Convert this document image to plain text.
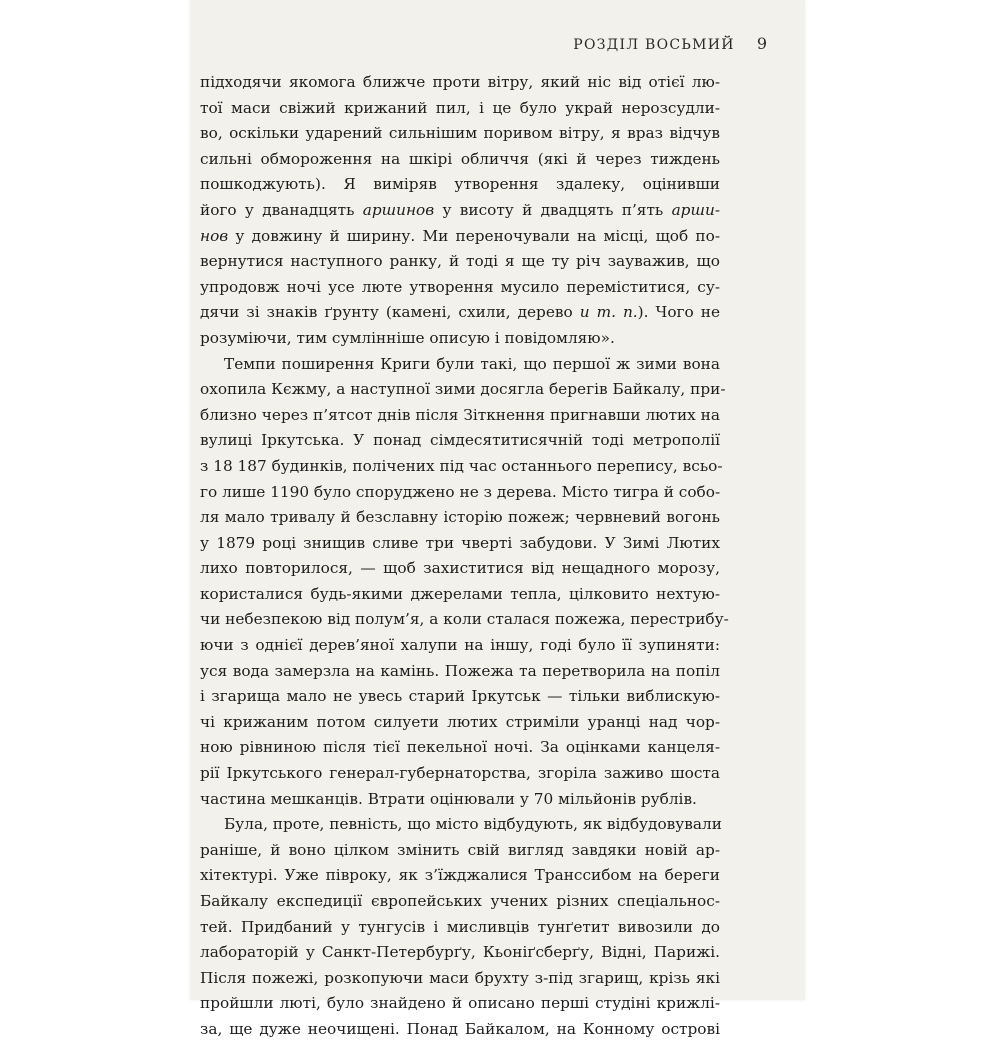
РОЗДІЛ ВОСЬМИЙ 9
підходячи якомога ближче проти вітру, який ніс від отієї лю-
тої маси свіжий крижаний пил, і це було украй нерозсудли-
во, оскільки ударений сильнішим поривом вітру, я враз відчув
сильні обмороження на шкірі обличчя (які й через тиждень
пошкоджують). Я виміряв утворення здалеку, оцінивши
його у дванадцять аршинов у висоту й двадцять п’ять арши-
нов у довжину й ширину. Ми переночували на місці, щоб по-
вернутися наступного ранку, й тоді я ще ту річ зауважив, що
упродовж ночі усе люте утворення мусило переміститися, су-
дячи зі знаків ґрунту (камені, схили, дерево и т. п.). Чого не
розуміючи, тим сумлінніше описую і повідомляю».
Темпи поширення Криги були такі, що першої ж зими вона
охопила Кєжму, а наступної зими досягла берегів Байкалу, при-
близно через п’ятсот днів після Зіткнення пригнавши лютих на
вулиці Іркутська. У понад сімдесятитисячній тоді метрополії
з 18 187 будинків, полічених під час останнього перепису, всьо-
го лише 1190 було споруджено не з дерева. Місто тигра й собо-
ля мало тривалу й безславну історію пожеж; червневий вогонь
у 1879 році знищив сливе три чверті забудови. У Зимі Лютих
лихо повторилося, — щоб захиститися від нещадного морозу,
користалися будь-якими джерелами тепла, цілковито нехтую-
чи небезпекою від полум’я, а коли сталася пожежа, перестрибу-
ючи з однієї дерев’яної халупи на іншу, годі було її зупиняти:
уся вода замерзла на камінь. Пожежа та перетворила на попіл
і згарища мало не увесь старий Іркутськ — тільки виблискую-
чі крижаним потом силуети лютих стриміли уранці над чор-
ною рівниною після тієї пекельної ночі. За оцінками канцеля-
рії Іркутського генерал-губернаторства, згоріла заживо шоста
частина мешканців. Втрати оцінювали у 70 мільйонів рублів.
Була, проте, певність, що місто відбудують, як відбудовували
раніше, й воно цілком змінить свій вигляд завдяки новій ар-
хітектурі. Уже півроку, як з’їжджалися Транссибом на береги
Байкалу експедиції європейських учених різних спеціальнос-
тей. Придбаний у тунгусів і мисливців тунґетит вивозили до
лабораторій у Санкт-Петербурґу, Кьоніґсберґу, Відні, Парижі.
Після пожежі, розкопуючи маси брухту з-під згарищ, крізь які
пройшли люті, було знайдено й описано перші студіні крижлі-
за, ще дуже неочищені. Понад Байкалом, на Конному острові
